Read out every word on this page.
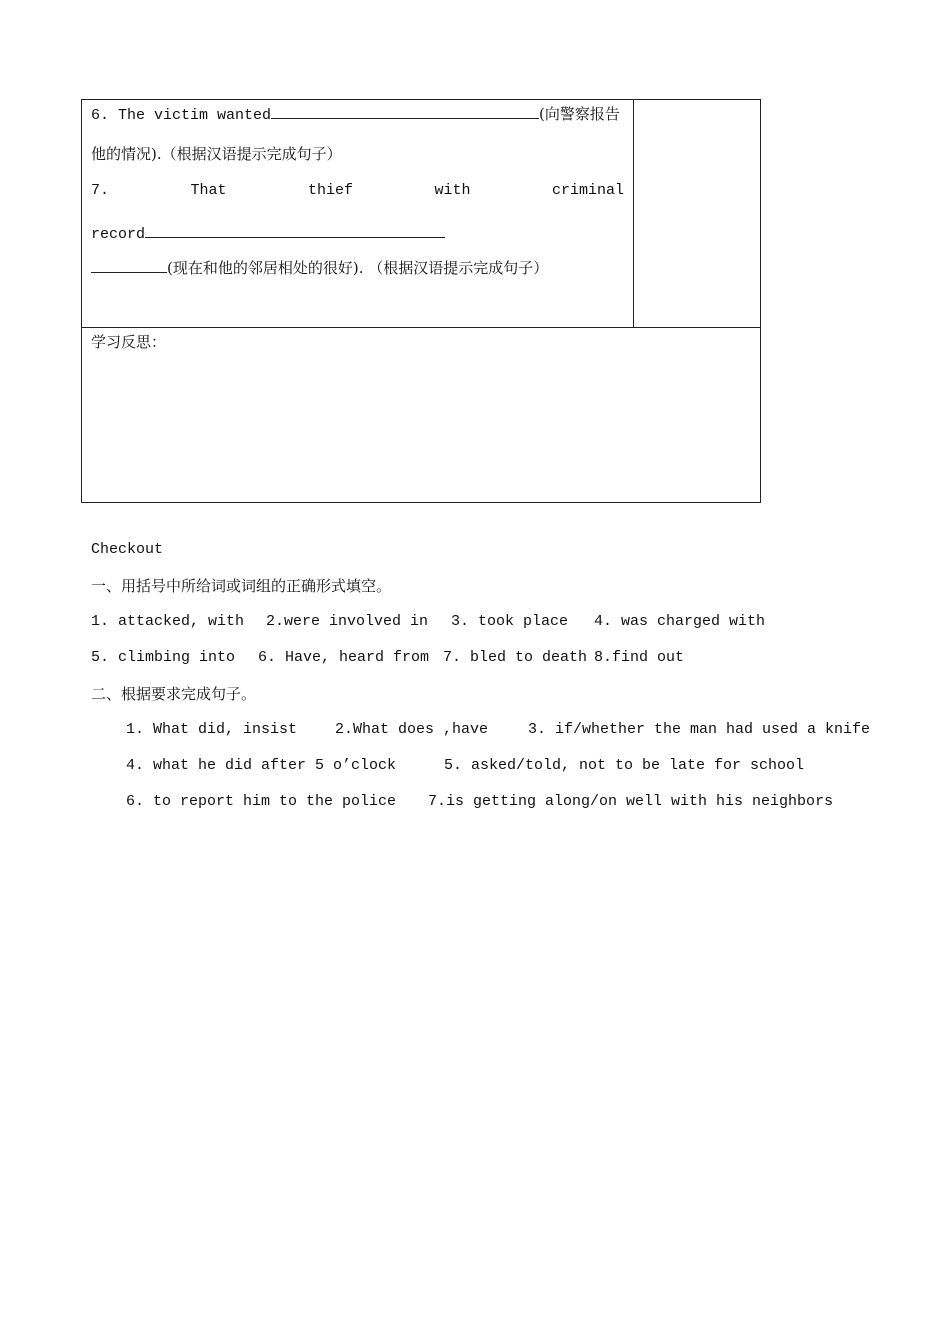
6. The victim wanted	(向警察报告
他的情况).（根据汉语提示完成句子）
7.	That	thief	with	criminal
record
(现在和他的邻居相处的很好). （根据汉语提示完成句子）
学习反思：
Checkout
一、用括号中所给词或词组的正确形式填空。
1. attacked, with 2.were involved in 3. took place 4. was charged with
5. climbing into 6. Have, heard from 7. bled to death 8.find out
二、根据要求完成句子。
1. What did, insist	2.What does ,have	3. if/whether the man had used a knife
4. what he did after 5 o’clock	5. asked/told, not to be late for school
6. to report him to the police 7.is getting along/on well with his neighbors
